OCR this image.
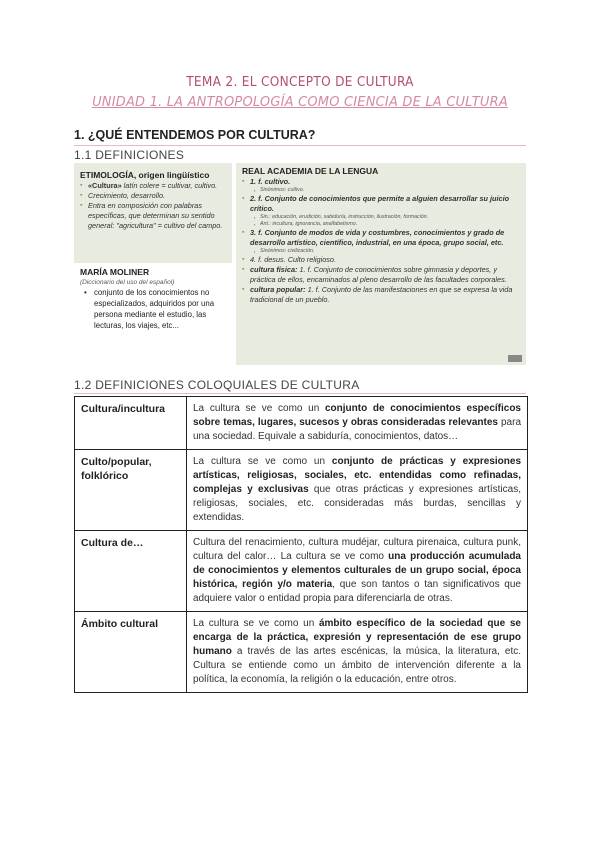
TEMA 2. EL CONCEPTO DE CULTURA
UNIDAD 1. LA ANTROPOLOGÍA COMO CIENCIA DE LA CULTURA
1. ¿QUÉ ENTENDEMOS POR CULTURA?
1.1 DEFINICIONES
ETIMOLOGÍA, origen lingüístico
▪ «Cultura» latín colere = cultivar, cultivo.
▪ Crecimiento, desarrollo.
▪ Entra en composición con palabras específicas, que determinan su sentido general: "agricultura" = cultivo del campo.
MARÍA MOLINER
(Diccionario del uso del español)
• conjunto de los conocimientos no especializados, adquiridos por una persona mediante el estudio, las lecturas, los viajes, etc...
REAL ACADEMIA DE LA LENGUA
▪ 1. f. cultivo.
▪ Sinónimos: cultivo.
▪ 2. f. Conjunto de conocimientos que permite a alguien desarrollar su juicio crítico.
▪ Sin.: educación, erudición, sabiduría, instrucción, ilustración, formación.
▪ Ant.: incultura, ignorancia, analfabetismo.
▪ 3. f. Conjunto de modos de vida y costumbres, conocimientos y grado de desarrollo artístico, científico, industrial, en una época, grupo social, etc.
▪ Sinónimos: civilización.
▪ 4. f. desus. Culto religioso.
▪ cultura física: 1. f. Conjunto de conocimientos sobre gimnasia y deportes, y práctica de ellos, encaminados al pleno desarrollo de las facultades corporales.
▪ cultura popular: 1. f. Conjunto de las manifestaciones en que se expresa la vida tradicional de un pueblo.
1.2 DEFINICIONES COLOQUIALES DE CULTURA
Cultura/incultura	La cultura se ve como un conjunto de conocimientos específicos sobre temas, lugares, sucesos y obras consideradas relevantes para una sociedad. Equivale a sabiduría, conocimientos, datos…
Culto/popular, folklórico	La cultura se ve como un conjunto de prácticas y expresiones artísticas, religiosas, sociales, etc. entendidas como refinadas, complejas y exclusivas que otras prácticas y expresiones artísticas, religiosas, sociales, etc. consideradas más burdas, sencillas y extendidas.
Cultura de…	Cultura del renacimiento, cultura mudéjar, cultura pirenaica, cultura punk, cultura del calor… La cultura se ve como una producción acumulada de conocimientos y elementos culturales de un grupo social, época histórica, región y/o materia, que son tantos o tan significativos que adquiere valor o entidad propia para diferenciarla de otras.
Ámbito cultural	La cultura se ve como un ámbito específico de la sociedad que se encarga de la práctica, expresión y representación de ese grupo humano a través de las artes escénicas, la música, la literatura, etc. Cultura se entiende como un ámbito de intervención diferente a la política, la economía, la religión o la educación, entre otros.
